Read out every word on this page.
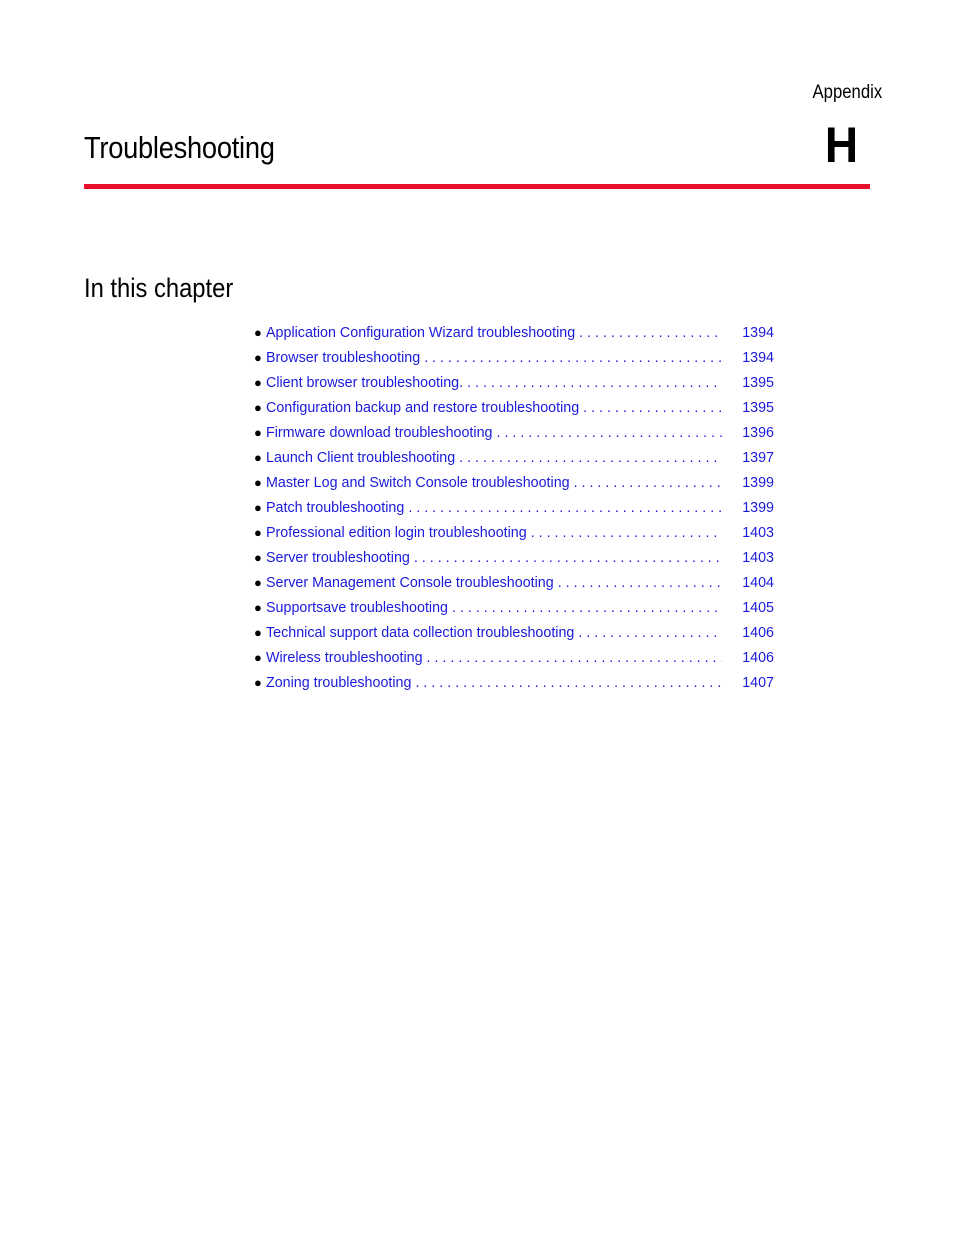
Appendix
H
Troubleshooting
In this chapter
● Application Configuration Wizard troubleshooting . . .	1394
● Browser troubleshooting . . .	1394
● Client browser troubleshooting. . . .	1395
● Configuration backup and restore troubleshooting . . .	1395
● Firmware download troubleshooting . . .	1396
● Launch Client troubleshooting . . .	1397
● Master Log and Switch Console troubleshooting . . .	1399
● Patch troubleshooting . . .	1399
● Professional edition login troubleshooting . . .	1403
● Server troubleshooting . . .	1403
● Server Management Console troubleshooting . . .	1404
● Supportsave troubleshooting . . .	1405
● Technical support data collection troubleshooting . . .	1406
● Wireless troubleshooting . . .	1406
● Zoning troubleshooting . . .	1407
